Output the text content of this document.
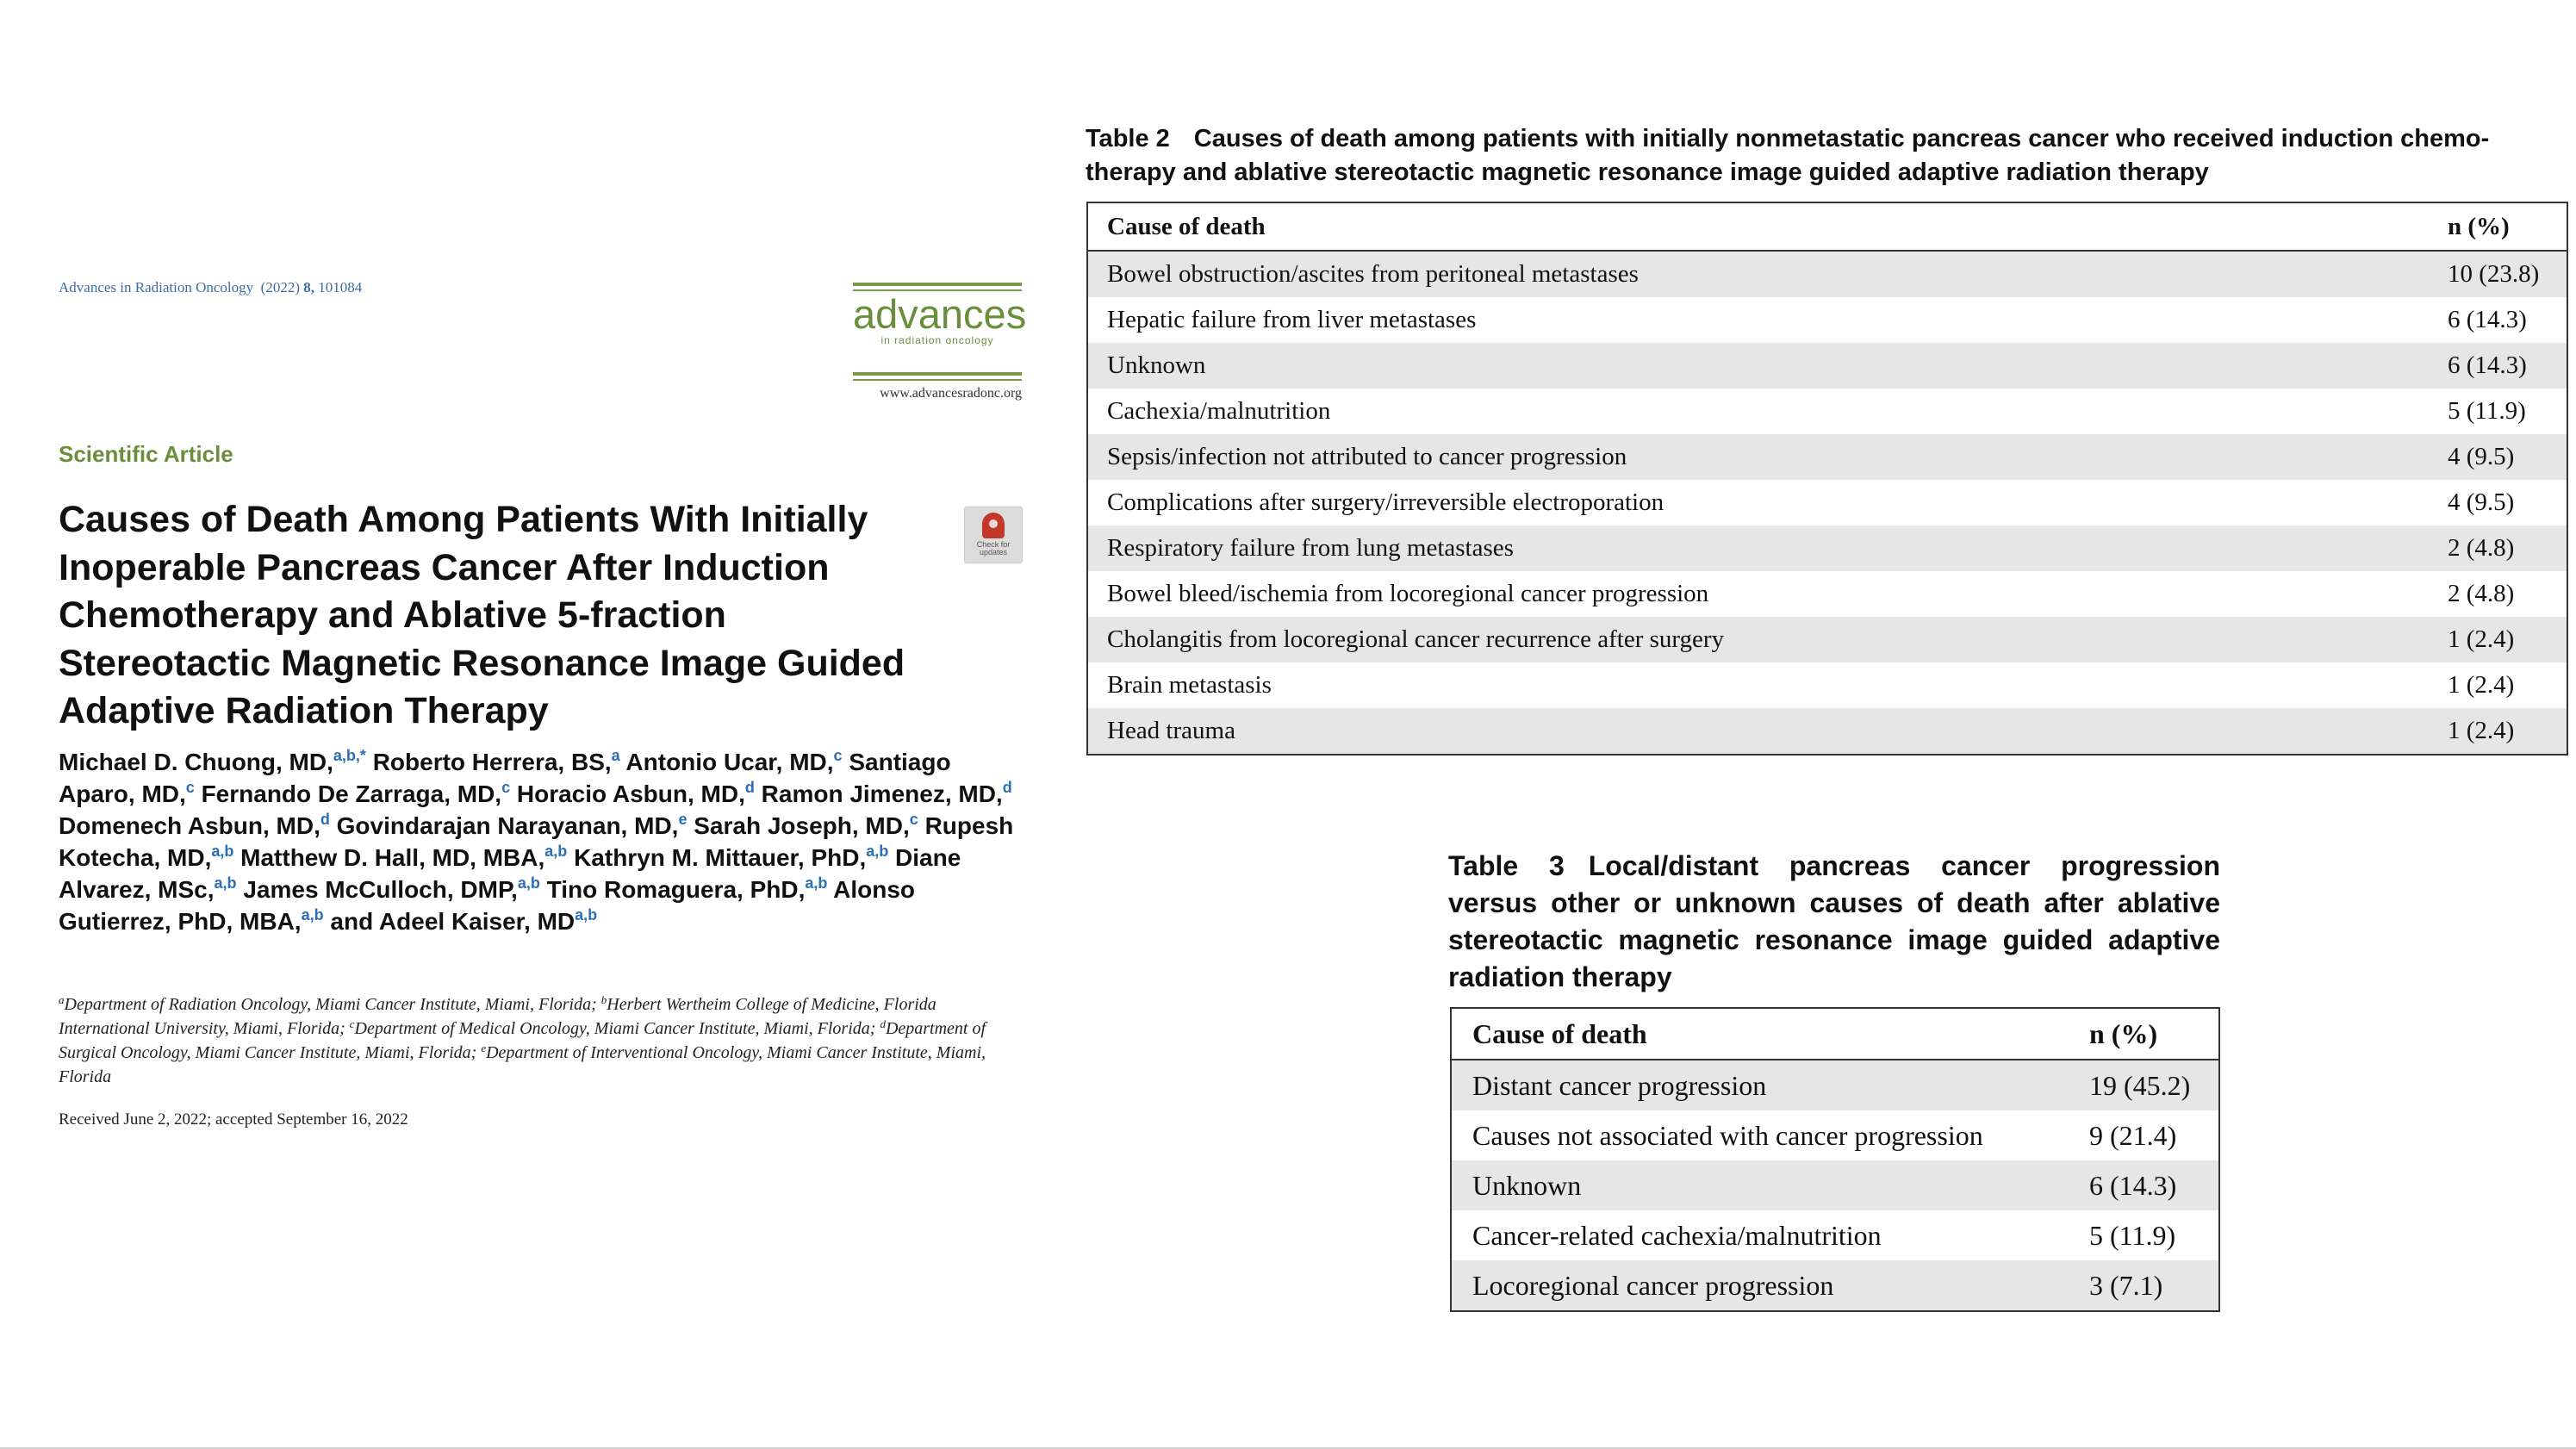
Advances in Radiation Oncology (2022) 8, 101084
advances
in radiation oncology
www.advancesradonc.org
Scientific Article
Causes of Death Among Patients With Initially Inoperable Pancreas Cancer After Induction Chemotherapy and Ablative 5-fraction Stereotactic Magnetic Resonance Image Guided Adaptive Radiation Therapy
Check for updates
Michael D. Chuong, MD,$^{a,b,*}$ Roberto Herrera, BS,$^a$ Antonio Ucar, MD,$^c$ Santiago Aparo, MD,$^c$ Fernando De Zarraga, MD,$^c$ Horacio Asbun, MD,$^d$ Ramon Jimenez, MD,$^d$ Domenech Asbun, MD,$^d$ Govindarajan Narayanan, MD,$^e$ Sarah Joseph, MD,$^c$ Rupesh Kotecha, MD,$^{a,b}$ Matthew D. Hall, MD, MBA,$^{a,b}$ Kathryn M. Mittauer, PhD,$^{a,b}$ Diane Alvarez, MSc,$^{a,b}$ James McCulloch, DMP,$^{a,b}$ Tino Romaguera, PhD,$^{a,b}$ Alonso Gutierrez, PhD, MBA,$^{a,b}$ and Adeel Kaiser, MD$^{a,b}$
$^a$Department of Radiation Oncology, Miami Cancer Institute, Miami, Florida; $^b$Herbert Wertheim College of Medicine, Florida International University, Miami, Florida; $^c$Department of Medical Oncology, Miami Cancer Institute, Miami, Florida; $^d$Department of Surgical Oncology, Miami Cancer Institute, Miami, Florida; $^e$Department of Interventional Oncology, Miami Cancer Institute, Miami, Florida
Received June 2, 2022; accepted September 16, 2022
Table 2 Causes of death among patients with initially nonmetastatic pancreas cancer who received induction chemo-therapy and ablative stereotactic magnetic resonance image guided adaptive radiation therapy
Cause of death	n (%)
Bowel obstruction/ascites from peritoneal metastases	10 (23.8)
Hepatic failure from liver metastases	6 (14.3)
Unknown	6 (14.3)
Cachexia/malnutrition	5 (11.9)
Sepsis/infection not attributed to cancer progression	4 (9.5)
Complications after surgery/irreversible electroporation	4 (9.5)
Respiratory failure from lung metastases	2 (4.8)
Bowel bleed/ischemia from locoregional cancer progression	2 (4.8)
Cholangitis from locoregional cancer recurrence after surgery	1 (2.4)
Brain metastasis	1 (2.4)
Head trauma	1 (2.4)
Table 3 Local/distant pancreas cancer progression versus other or unknown causes of death after ablative stereotactic magnetic resonance image guided adaptive radiation therapy
Cause of death	n (%)
Distant cancer progression	19 (45.2)
Causes not associated with cancer progression	9 (21.4)
Unknown	6 (14.3)
Cancer-related cachexia/malnutrition	5 (11.9)
Locoregional cancer progression	3 (7.1)
